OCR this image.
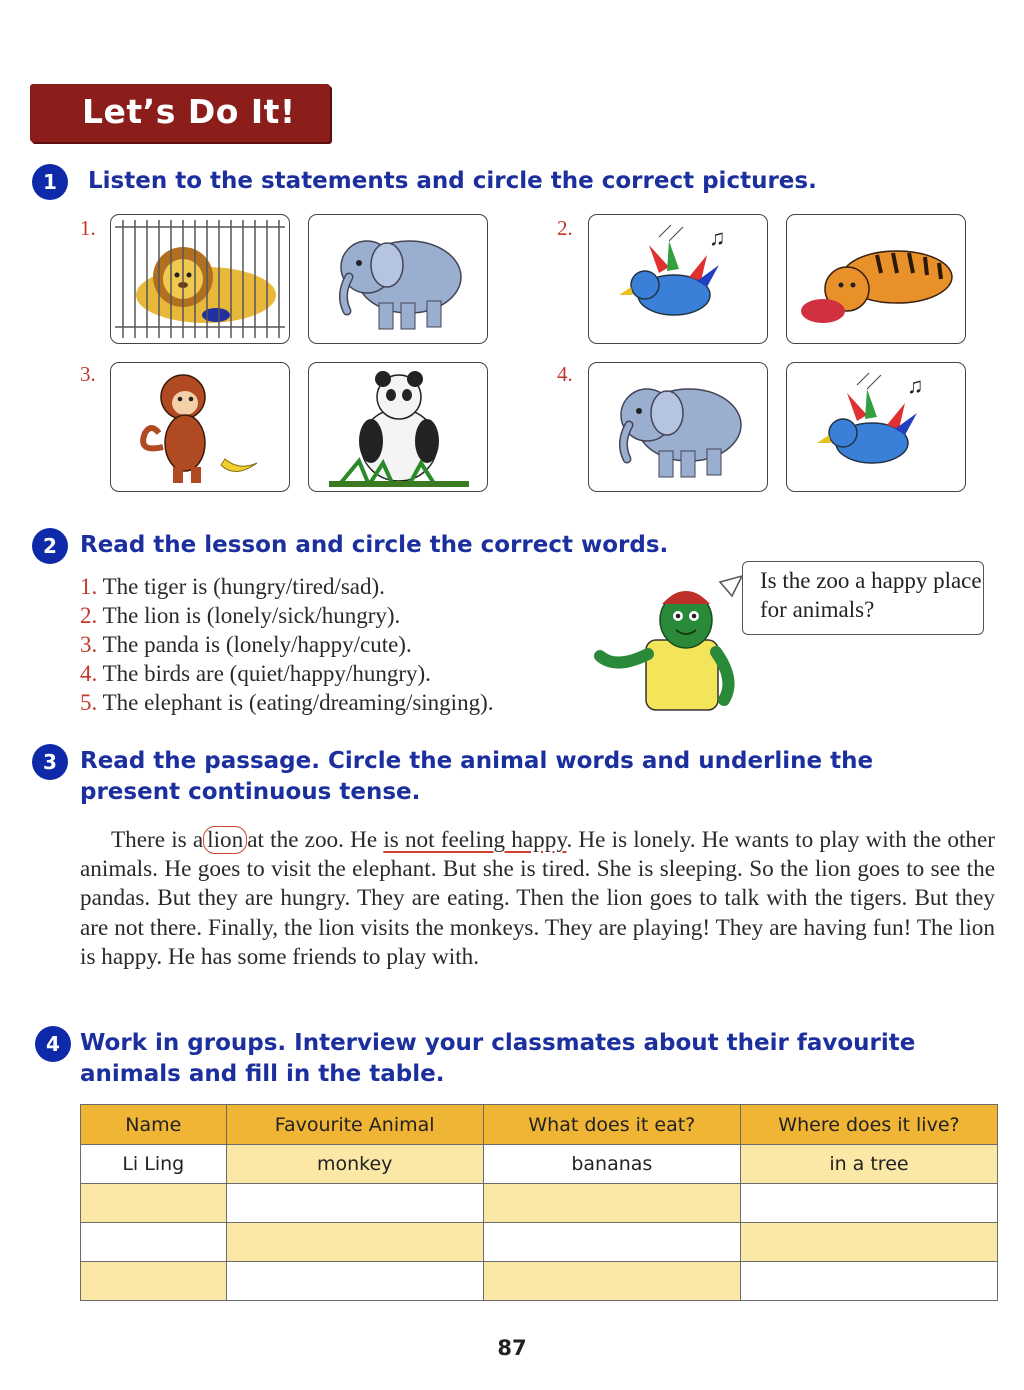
Let’s Do It!
1	Listen to the statements and circle the correct pictures.
1.	2.
3.	4.
♫
♫
2	Read the lesson and circle the correct words.
1. The tiger is (hungry/tired/sad).
2. The lion is (lonely/sick/hungry).
3. The panda is (lonely/happy/cute).
4. The birds are (quiet/happy/hungry).
5. The elephant is (eating/dreaming/singing).
Is the zoo a happy place for animals?
3	Read the passage. Circle the animal words and underline the
present continuous tense.
There is a lion at the zoo. He is not feeling happy. He is lonely. He wants to play with the other animals. He goes to visit the elephant. But she is tired. She is sleeping. So the lion goes to see the pandas. But they are hungry. They are eating. Then the lion goes to talk with the tigers. But they are not there. Finally, the lion visits the monkeys. They are playing! They are having fun! The lion is happy. He has some friends to play with.
4 Work in groups. Interview your classmates about their favourite
animals and fill in the table.
Name	Favourite Animal	What does it eat?	Where does it live?
Li Ling	monkey	bananas	in a tree

87
